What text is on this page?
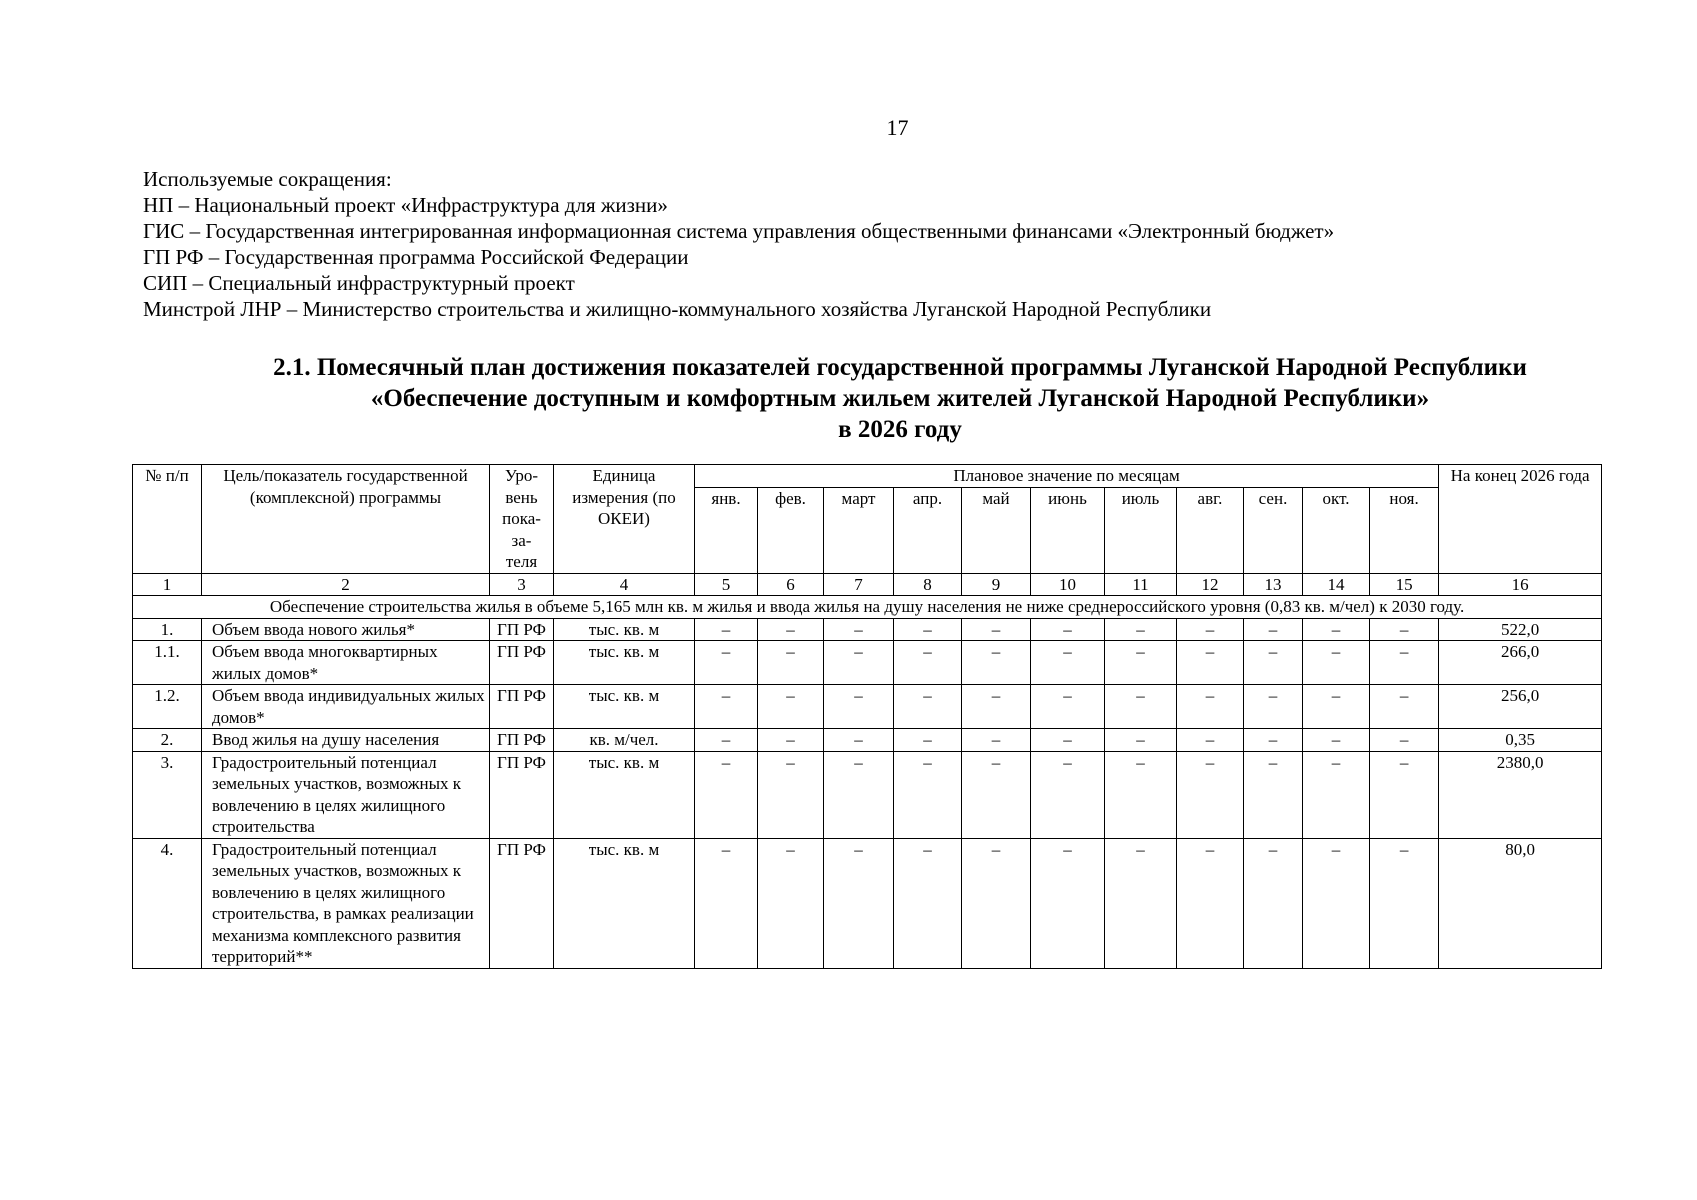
17
Используемые сокращения:
НП – Национальный проект «Инфраструктура для жизни»
ГИС – Государственная интегрированная информационная система управления общественными финансами «Электронный бюджет»
ГП РФ – Государственная программа Российской Федерации
СИП – Специальный инфраструктурный проект
Минстрой ЛНР – Министерство строительства и жилищно-коммунального хозяйства Луганской Народной Республики
2.1. Помесячный план достижения показателей государственной программы Луганской Народной Республики
«Обеспечение доступным и комфортным жильем жителей Луганской Народной Республики»
в 2026 году
№ п/п	Цель/показатель государственной (комплексной) программы	Уро- вень пока- за- теля	Единица измерения (по ОКЕИ)	Плановое значение по месяцам											На конец 2026 года
				янв.	фев.	март	апр.	май	июнь	июль	авг.	сен.	окт.	ноя.	
1	2	3	4	5	6	7	8	9	10	11	12	13	14	15	16
Обеспечение строительства жилья в объеме 5,165 млн кв. м жилья и ввода жилья на душу населения не ниже среднероссийского уровня (0,83 кв. м/чел) к 2030 году.															
1.	Объем ввода нового жилья*	ГП РФ	тыс. кв. м	–	–	–	–	–	–	–	–	–	–	–	522,0
1.1.	Объем ввода многоквартирных жилых домов*	ГП РФ	тыс. кв. м	–	–	–	–	–	–	–	–	–	–	–	266,0
1.2.	Объем ввода индивидуальных жилых домов*	ГП РФ	тыс. кв. м	–	–	–	–	–	–	–	–	–	–	–	256,0
2.	Ввод жилья на душу населения	ГП РФ	кв. м/чел.	–	–	–	–	–	–	–	–	–	–	–	0,35
3.	Градостроительный потенциал земельных участков, возможных к вовлечению в целях жилищного строительства	ГП РФ	тыс. кв. м	–	–	–	–	–	–	–	–	–	–	–	2380,0
4.	Градостроительный потенциал земельных участков, возможных к вовлечению в целях жилищного строительства, в рамках реализации механизма комплексного развития территорий**	ГП РФ	тыс. кв. м	–	–	–	–	–	–	–	–	–	–	–	80,0
